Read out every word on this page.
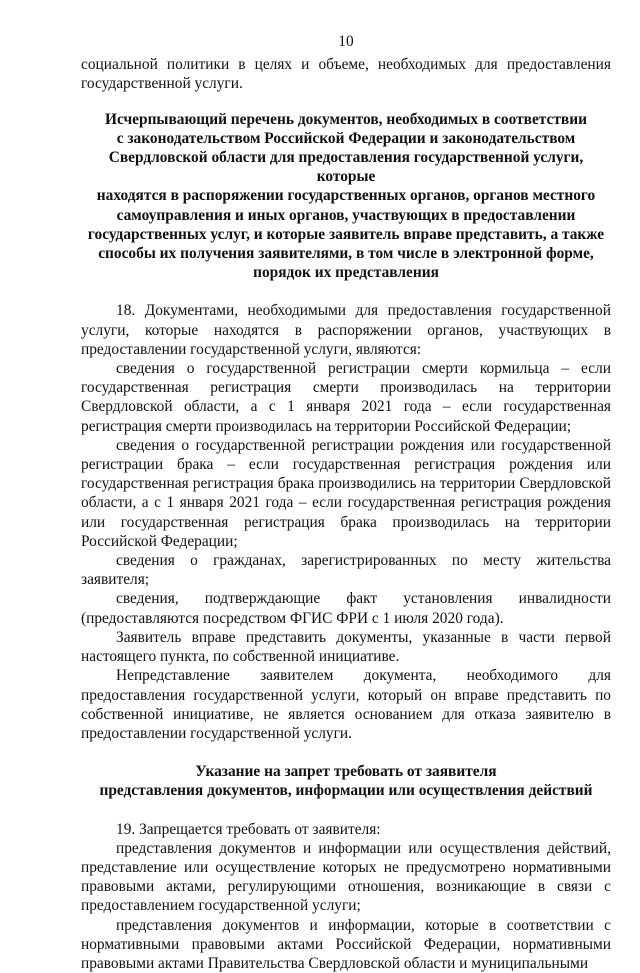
10

социальной политики в целях и объеме, необходимых для предоставления государственной услуги.

Исчерпывающий перечень документов, необходимых в соответствии
с законодательством Российской Федерации и законодательством
Свердловской области для предоставления государственной услуги, которые
находятся в распоряжении государственных органов, органов местного
самоуправления и иных органов, участвующих в предоставлении
государственных услуг, и которые заявитель вправе представить, а также
способы их получения заявителями, в том числе в электронной форме,
порядок их представления

18. Документами, необходимыми для предоставления государственной услуги, которые находятся в распоряжении органов, участвующих в предоставлении государственной услуги, являются:

сведения о государственной регистрации смерти кормильца – если государственная регистрация смерти производилась на территории Свердловской области, а с 1 января 2021 года – если государственная регистрация смерти производилась на территории Российской Федерации;

сведения о государственной регистрации рождения или государственной регистрации брака – если государственная регистрация рождения или государственная регистрация брака производились на территории Свердловской области, а с 1 января 2021 года – если государственная регистрация рождения или государственная регистрация брака производилась на территории Российской Федерации;

сведения о гражданах, зарегистрированных по месту жительства заявителя;

сведения, подтверждающие факт установления инвалидности (предоставляются посредством ФГИС ФРИ с 1 июля 2020 года).

Заявитель вправе представить документы, указанные в части первой настоящего пункта, по собственной инициативе.

Непредставление заявителем документа, необходимого для предоставления государственной услуги, который он вправе представить по собственной инициативе, не является основанием для отказа заявителю в предоставлении государственной услуги.

Указание на запрет требовать от заявителя
представления документов, информации или осуществления действий

19. Запрещается требовать от заявителя:

представления документов и информации или осуществления действий, представление или осуществление которых не предусмотрено нормативными правовыми актами, регулирующими отношения, возникающие в связи с предоставлением государственной услуги;

представления документов и информации, которые в соответствии с нормативными правовыми актами Российской Федерации, нормативными правовыми актами Правительства Свердловской области и муниципальными
